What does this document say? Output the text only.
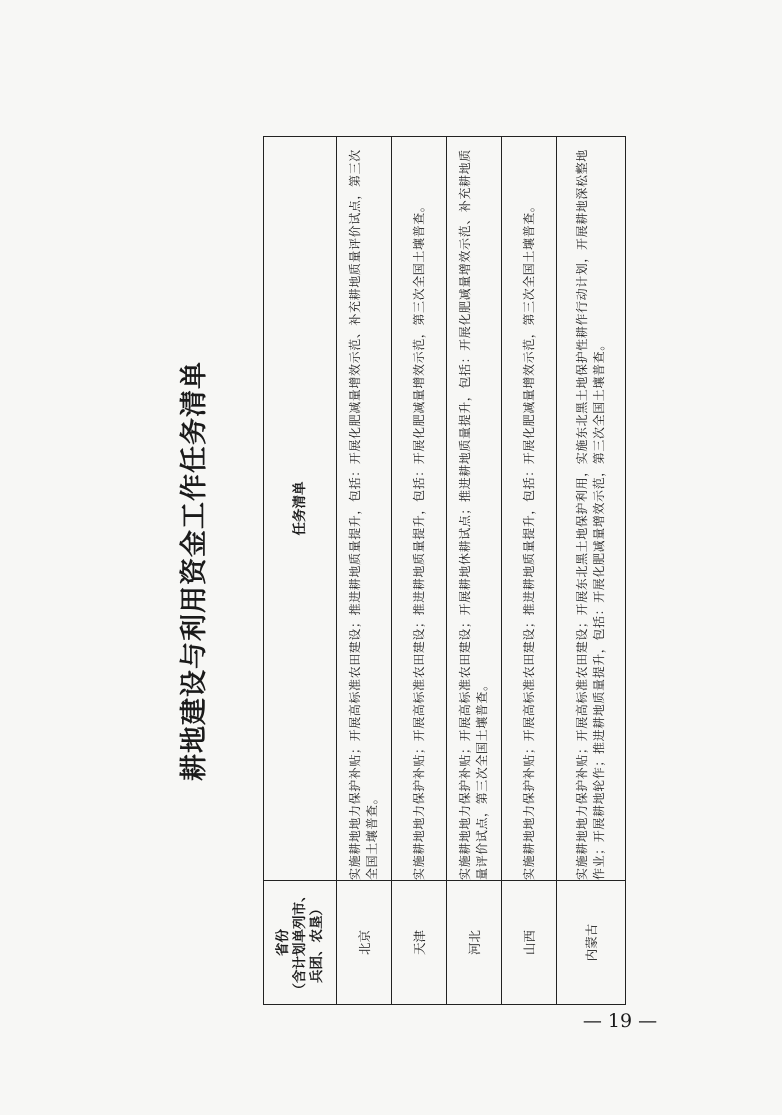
耕地建设与利用资金工作任务清单
省份 （含计划单列市、 兵团、农垦）	任务清单
北京	实施耕地地力保护补贴；开展高标准农田建设；推进耕地质量提升，包括：开展化肥减量增效示范、补充耕地质量评价试点，第三次全国土壤普查。
天津	实施耕地地力保护补贴；开展高标准农田建设；推进耕地质量提升，包括：开展化肥减量增效示范，第三次全国土壤普查。
河北	实施耕地地力保护补贴；开展高标准农田建设；开展耕地休耕试点；推进耕地质量提升，包括：开展化肥减量增效示范、补充耕地质量评价试点，第三次全国土壤普查。
山西	实施耕地地力保护补贴；开展高标准农田建设；推进耕地质量提升，包括：开展化肥减量增效示范，第三次全国土壤普查。
内蒙古	实施耕地地力保护补贴；开展高标准农田建设；开展东北黑土地保护利用，实施东北黑土地保护性耕作行动计划，开展耕地深松整地作业；开展耕地轮作；推进耕地质量提升，包括：开展化肥减量增效示范，第三次全国土壤普查。
— 19 —
